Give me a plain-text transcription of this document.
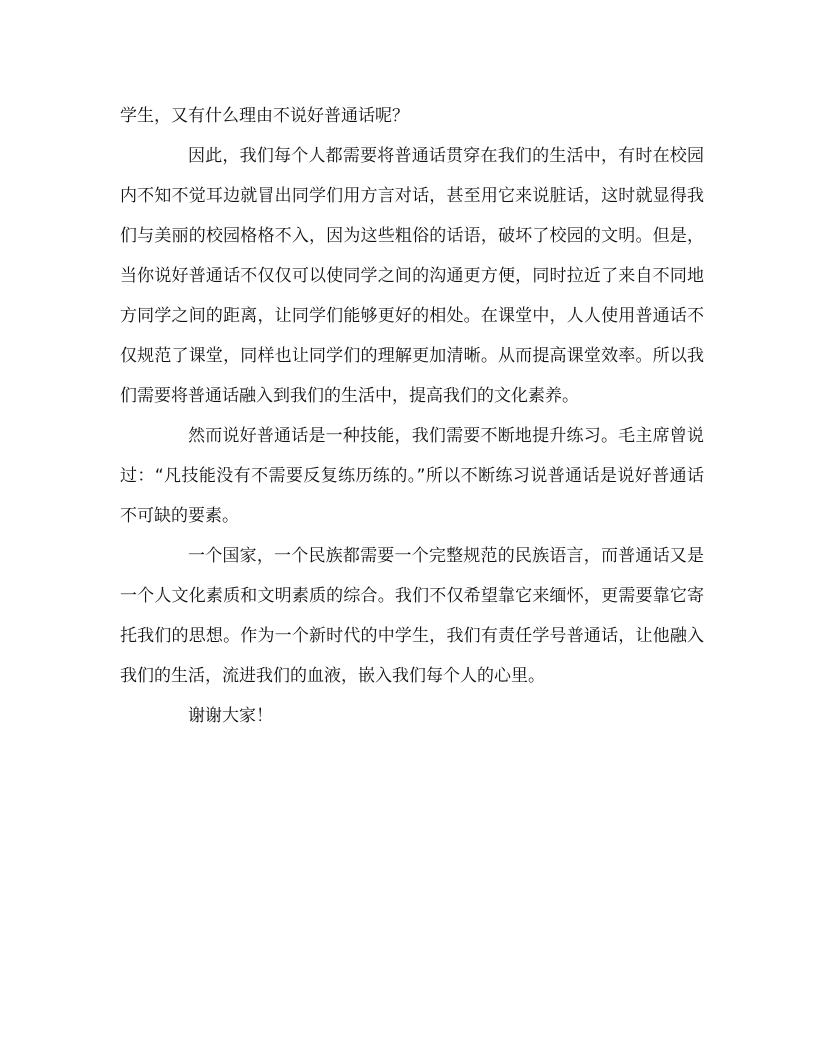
学生，又有什么理由不说好普通话呢？

因此，我们每个人都需要将普通话贯穿在我们的生活中，有时在校园内不知不觉耳边就冒出同学们用方言对话，甚至用它来说脏话，这时就显得我们与美丽的校园格格不入，因为这些粗俗的话语，破坏了校园的文明。但是，当你说好普通话不仅仅可以使同学之间的沟通更方便，同时拉近了来自不同地方同学之间的距离，让同学们能够更好的相处。在课堂中，人人使用普通话不仅规范了课堂，同样也让同学们的理解更加清晰。从而提高课堂效率。所以我们需要将普通话融入到我们的生活中，提高我们的文化素养。

然而说好普通话是一种技能，我们需要不断地提升练习。毛主席曾说过：“凡技能没有不需要反复练历练的。”所以不断练习说普通话是说好普通话不可缺的要素。

一个国家，一个民族都需要一个完整规范的民族语言，而普通话又是一个人文化素质和文明素质的综合。我们不仅希望靠它来缅怀，更需要靠它寄托我们的思想。作为一个新时代的中学生，我们有责任学号普通话，让他融入我们的生活，流进我们的血液，嵌入我们每个人的心里。

谢谢大家！
